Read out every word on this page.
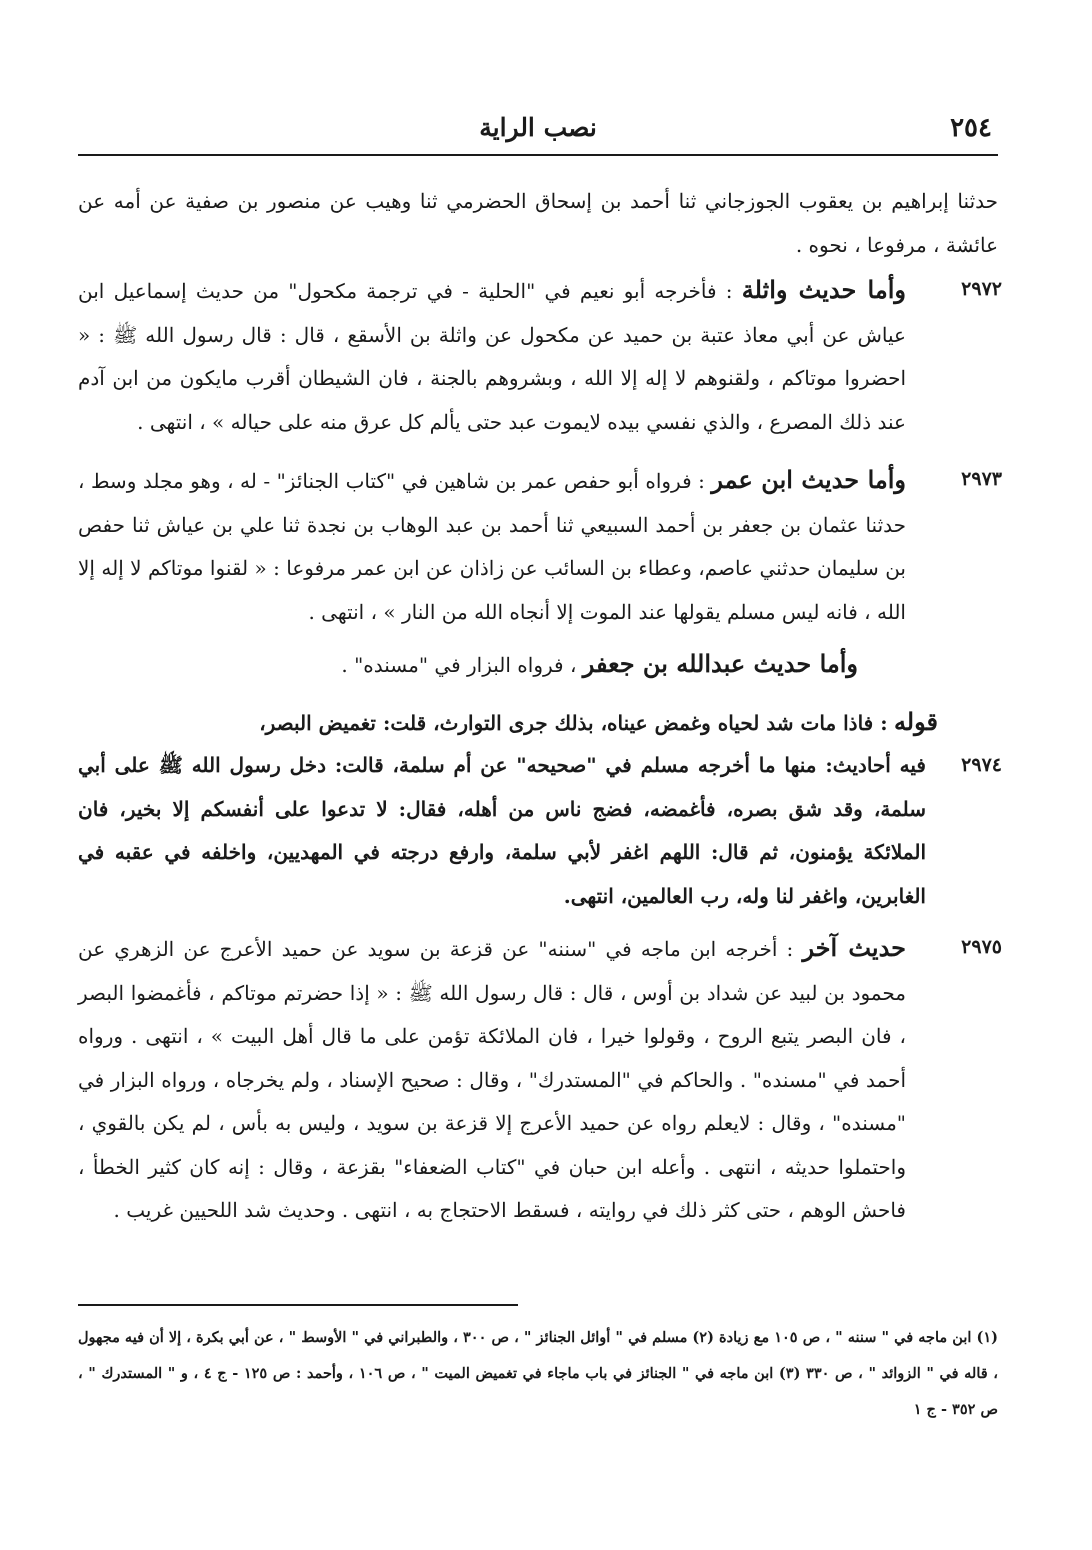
٢٥٤
نصب الراية
حدثنا إبراهيم بن يعقوب الجوزجاني ثنا أحمد بن إسحاق الحضرمي ثنا وهيب عن منصور بن صفية عن أمه عن عائشة ، مرفوعا ، نحوه .
٢٩٧٢
وأما حديث واثلة : فأخرجه أبو نعيم في "الحلية - في ترجمة مكحول" من حديث إسماعيل ابن عياش عن أبي معاذ عتبة بن حميد عن مكحول عن واثلة بن الأسقع ، قال : قال رسول الله ﷺ : « احضروا موتاكم ، ولقنوهم لا إله إلا الله ، وبشروهم بالجنة ، فان الشيطان أقرب مايكون من ابن آدم عند ذلك المصرع ، والذي نفسي بيده لايموت عبد حتى يألم كل عرق منه على حياله » ، انتهى .
٢٩٧٣
وأما حديث ابن عمر : فرواه أبو حفص عمر بن شاهين في "كتاب الجنائز" - له ، وهو مجلد وسط ، حدثنا عثمان بن جعفر بن أحمد السبيعي ثنا أحمد بن عبد الوهاب بن نجدة ثنا علي بن عياش ثنا حفص بن سليمان حدثني عاصم، وعطاء بن السائب عن زاذان عن ابن عمر مرفوعا : « لقنوا موتاكم لا إله إلا الله ، فانه ليس مسلم يقولها عند الموت إلا أنجاه الله من النار » ، انتهى .
وأما حديث عبدالله بن جعفر ، فرواه البزار في "مسنده" .
قوله : فاذا مات شد لحياه وغمض عيناه، بذلك جرى التوارث، قلت: تغميض البصر،
٢٩٧٤
فيه أحاديث: منها ما أخرجه مسلم في "صحيحه" عن أم سلمة، قالت: دخل رسول الله ﷺ على أبي سلمة، وقد شق بصره، فأغمضه، فضج ناس من أهله، فقال: لا تدعوا على أنفسكم إلا بخير، فان الملائكة يؤمنون، ثم قال: اللهم اغفر لأبي سلمة، وارفع درجته في المهديين، واخلفه في عقبه في الغابرين، واغفر لنا وله، رب العالمين، انتهى.
٢٩٧٥
حديث آخر : أخرجه ابن ماجه في "سننه" عن قزعة بن سويد عن حميد الأعرج عن الزهري عن محمود بن لبيد عن شداد بن أوس ، قال : قال رسول الله ﷺ : « إذا حضرتم موتاكم ، فأغمضوا البصر ، فان البصر يتبع الروح ، وقولوا خيرا ، فان الملائكة تؤمن على ما قال أهل البيت » ، انتهى . ورواه أحمد في "مسنده" . والحاكم في "المستدرك" ، وقال : صحيح الإسناد ، ولم يخرجاه ، ورواه البزار في "مسنده" ، وقال : لايعلم رواه عن حميد الأعرج إلا قزعة بن سويد ، وليس به بأس ، لم يكن بالقوي ، واحتملوا حديثه ، انتهى . وأعله ابن حبان في "كتاب الضعفاء" بقزعة ، وقال : إنه كان كثير الخطأ ، فاحش الوهم ، حتى كثر ذلك في روايته ، فسقط الاحتجاج به ، انتهى . وحديث شد اللحيين غريب .
(١) ابن ماجه في " سننه " ، ص ١٠٥ مع زيادة (٢) مسلم في " أوائل الجنائز " ، ص ٣٠٠ ، والطبراني في " الأوسط " ، عن أبي بكرة ، إلا أن فيه مجهول ، قاله في " الزوائد " ، ص ٣٣٠ (٣) ابن ماجه في " الجنائز في باب ماجاء في تغميض الميت " ، ص ١٠٦ ، وأحمد : ص ١٢٥ - ج ٤ ، و " المستدرك " ، ص ٣٥٢ - ج ١
